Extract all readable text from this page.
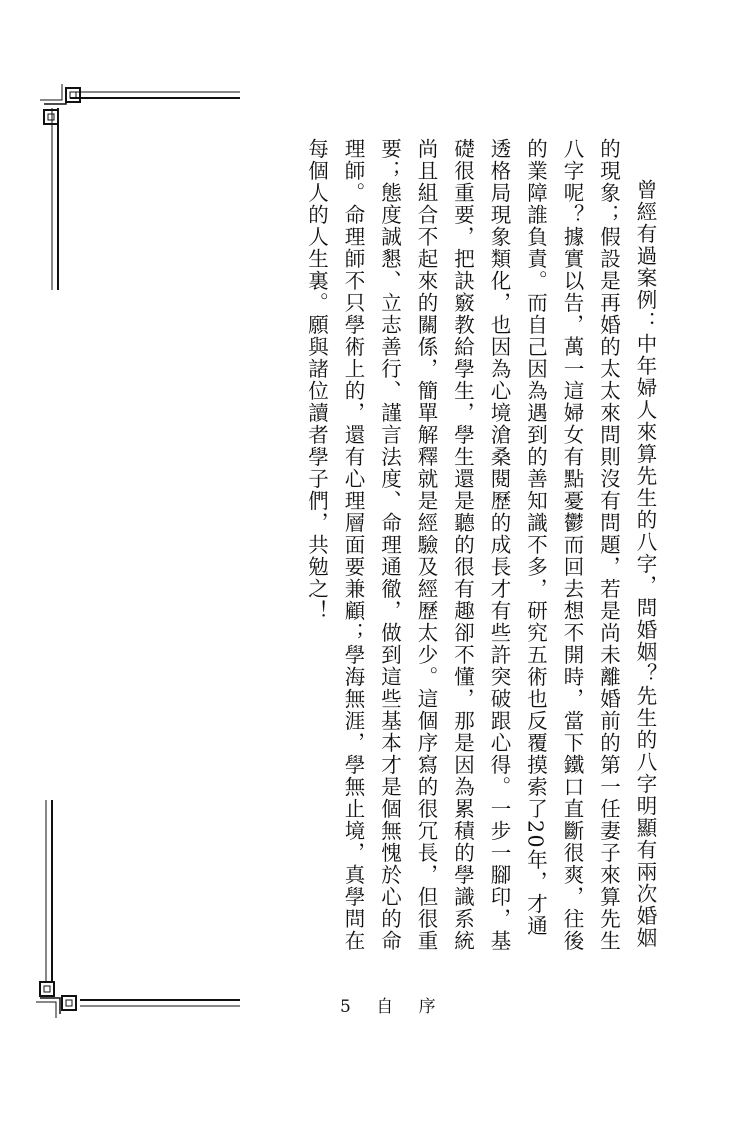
曾經有過案例：中年婦人來算先生的八字，問婚姻？先生的八字明顯有兩次婚姻的現象；假設是再婚的太太來問則沒有問題，若是尚未離婚前的第一任妻子來算先生八字呢？據實以告，萬一這婦女有點憂鬱而回去想不開時，當下鐵口直斷很爽，往後的業障誰負責。而自己因為遇到的善知識不多，研究五術也反覆摸索了20年，才通透格局現象類化，也因為心境滄桑閱歷的成長才有些許突破跟心得。一步一腳印，基礎很重要，把訣竅教給學生，學生還是聽的很有趣卻不懂，那是因為累積的學識系統尚且組合不起來的關係，簡單解釋就是經驗及經歷太少。這個序寫的很冗長，但很重要；態度誠懇、立志善行、謹言法度、命理通徹，做到這些基本才是個無愧於心的命理師。命理師不只學術上的，還有心理層面要兼顧；學海無涯，學無止境，真學問在每個人的人生裏。願與諸位讀者學子們，共勉之！

5 自 序
